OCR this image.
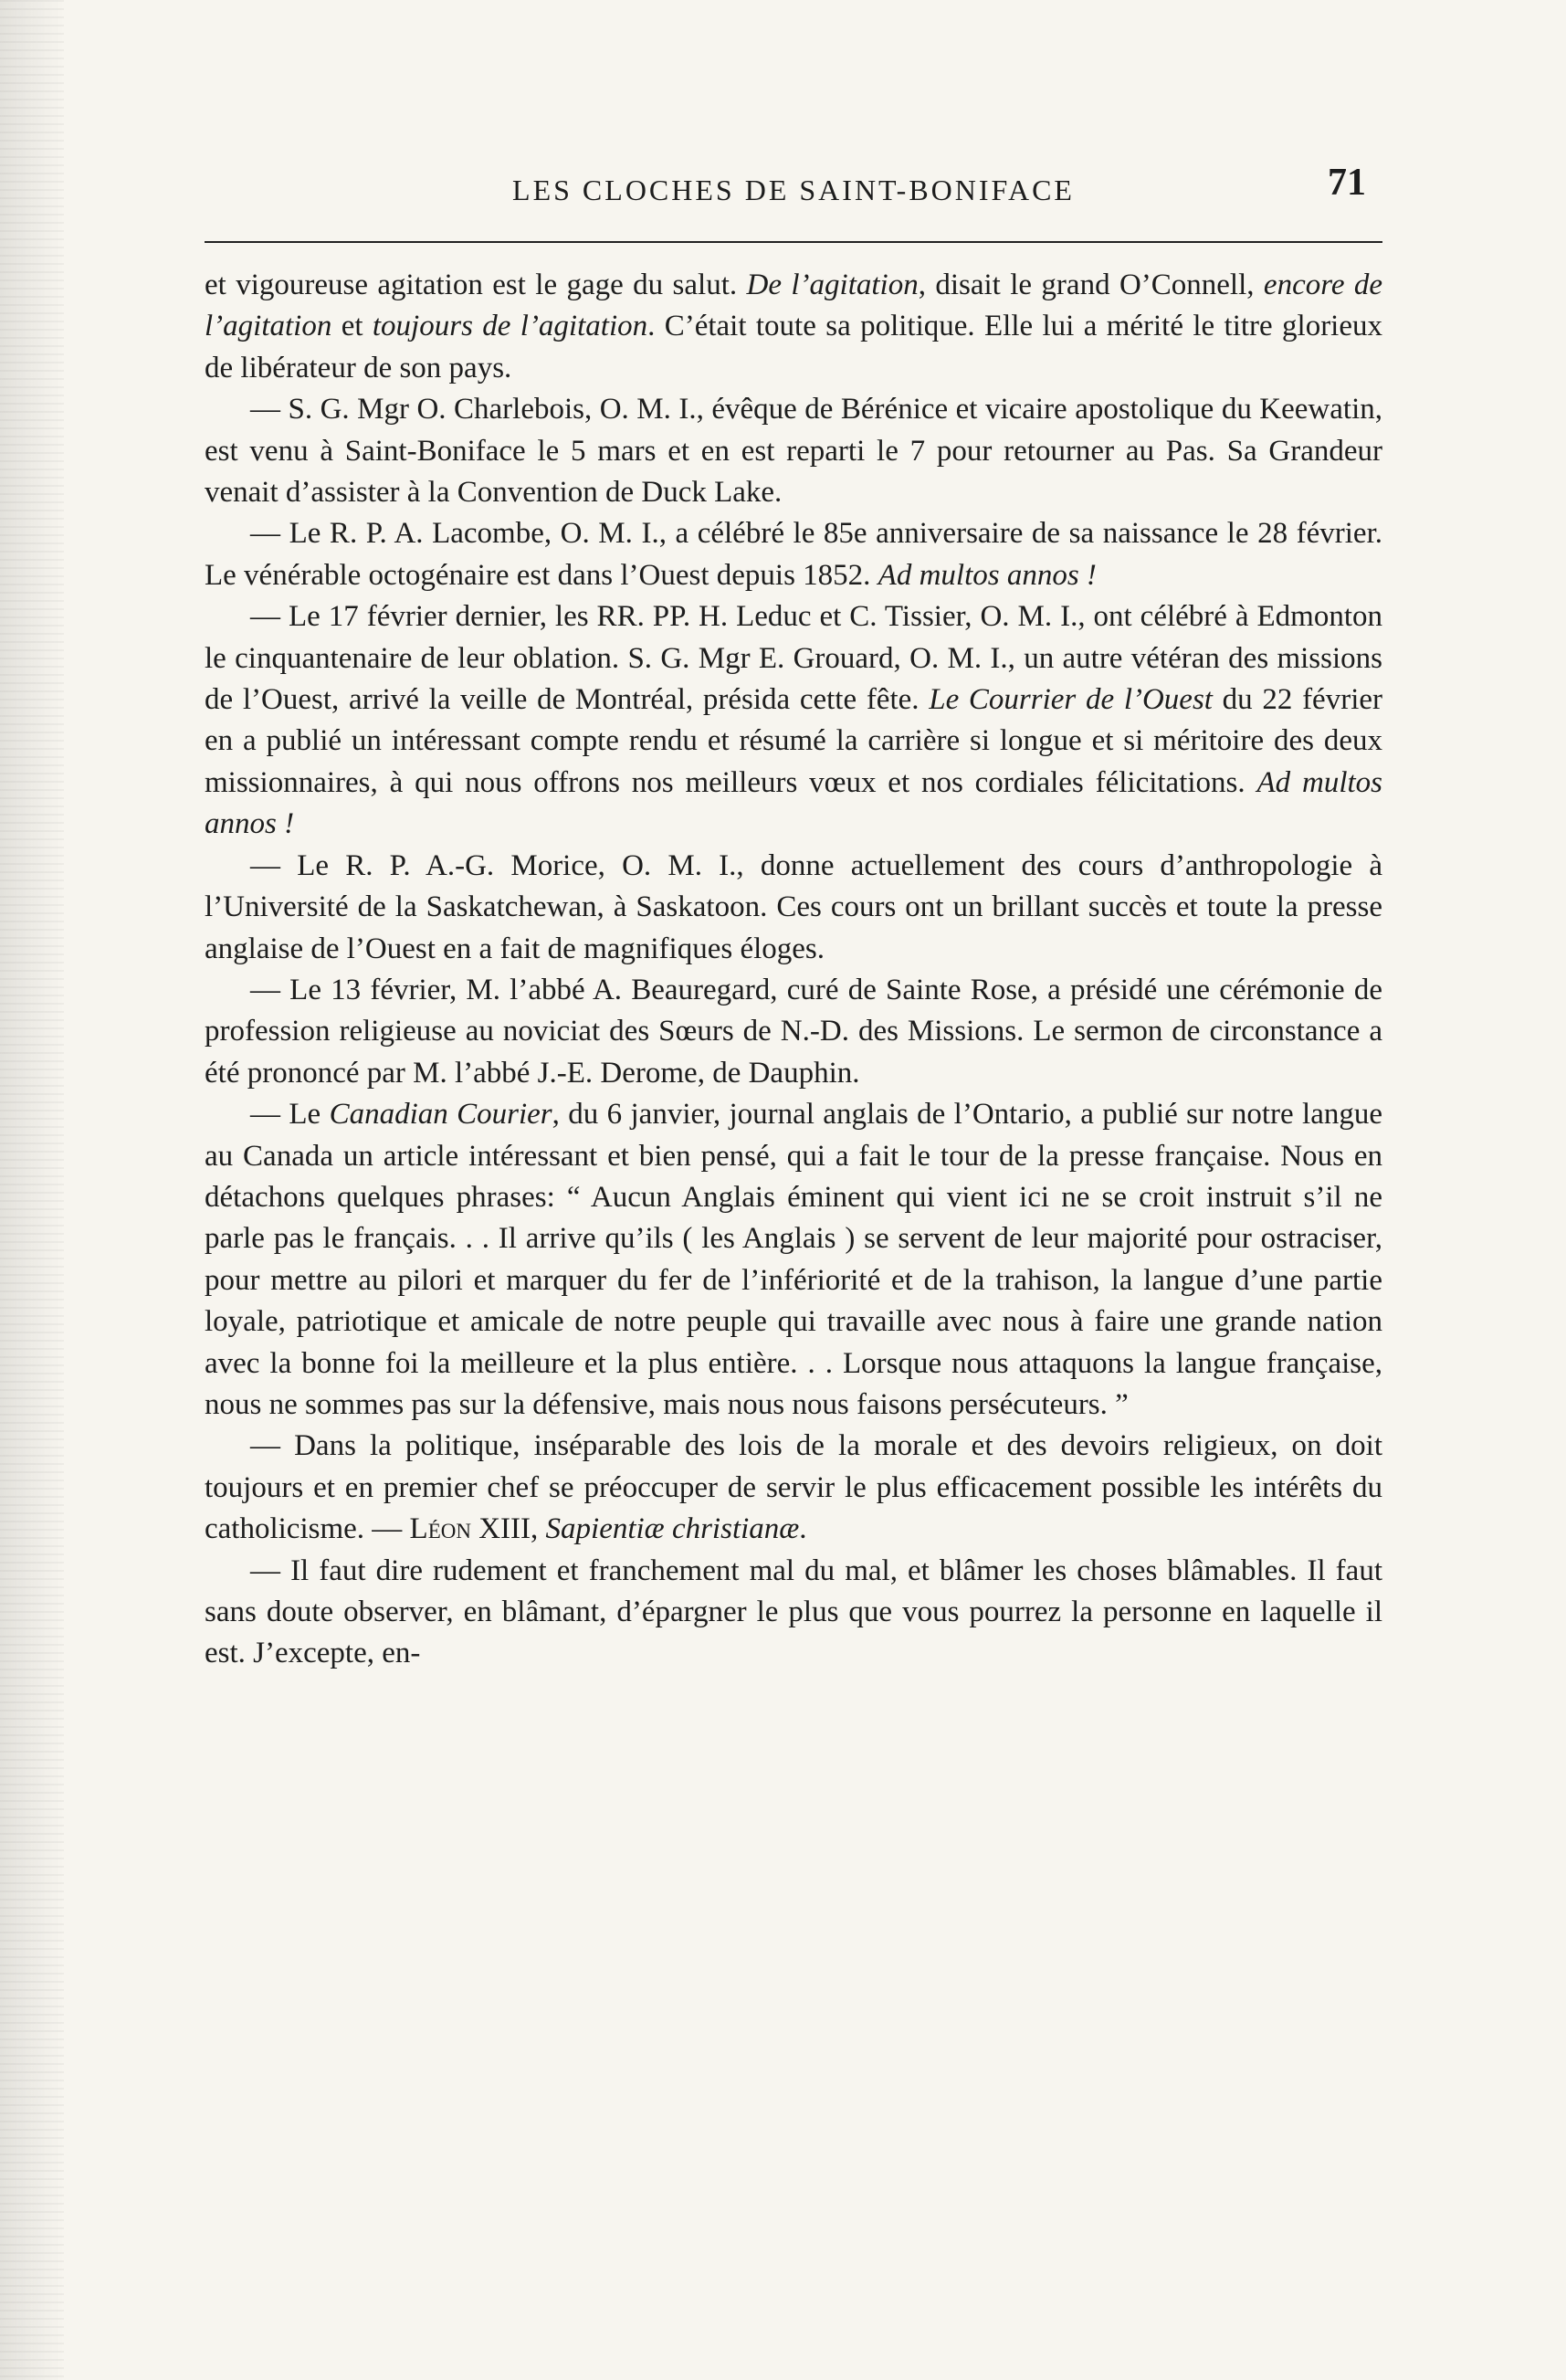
LES CLOCHES DE SAINT-BONIFACE	71

et vigoureuse agitation est le gage du salut. De l’agitation, disait le grand O’Connell, encore de l’agitation et toujours de l’agitation. C’était toute sa politique. Elle lui a mérité le titre glorieux de libérateur de son pays.

— S. G. Mgr O. Charlebois, O. M. I., évêque de Bérénice et vicaire apostolique du Keewatin, est venu à Saint-Boniface le 5 mars et en est reparti le 7 pour retourner au Pas. Sa Grandeur venait d’assister à la Convention de Duck Lake.

— Le R. P. A. Lacombe, O. M. I., a célébré le 85e anniversaire de sa naissance le 28 février. Le vénérable octogénaire est dans l’Ouest depuis 1852. Ad multos annos !

— Le 17 février dernier, les RR. PP. H. Leduc et C. Tissier, O. M. I., ont célébré à Edmonton le cinquantenaire de leur oblation. S. G. Mgr E. Grouard, O. M. I., un autre vétéran des missions de l’Ouest, arrivé la veille de Montréal, présida cette fête. Le Courrier de l’Ouest du 22 février en a publié un intéressant compte rendu et résumé la carrière si longue et si méritoire des deux missionnaires, à qui nous offrons nos meilleurs vœux et nos cordiales félicitations. Ad multos annos !

— Le R. P. A.-G. Morice, O. M. I., donne actuellement des cours d’anthropologie à l’Université de la Saskatchewan, à Saskatoon. Ces cours ont un brillant succès et toute la presse anglaise de l’Ouest en a fait de magnifiques éloges.

— Le 13 février, M. l’abbé A. Beauregard, curé de Sainte Rose, a présidé une cérémonie de profession religieuse au noviciat des Sœurs de N.-D. des Missions. Le sermon de circonstance a été prononcé par M. l’abbé J.-E. Derome, de Dauphin.

— Le Canadian Courier, du 6 janvier, journal anglais de l’Ontario, a publié sur notre langue au Canada un article intéressant et bien pensé, qui a fait le tour de la presse française. Nous en détachons quelques phrases: “ Aucun Anglais éminent qui vient ici ne se croit instruit s’il ne parle pas le français. . . Il arrive qu’ils ( les Anglais ) se servent de leur majorité pour ostraciser, pour mettre au pilori et marquer du fer de l’infériorité et de la trahison, la langue d’une partie loyale, patriotique et amicale de notre peuple qui travaille avec nous à faire une grande nation avec la bonne foi la meilleure et la plus entière. . . Lorsque nous attaquons la langue française, nous ne sommes pas sur la défensive, mais nous nous faisons persécuteurs. ”

— Dans la politique, inséparable des lois de la morale et des devoirs religieux, on doit toujours et en premier chef se préoccuper de servir le plus efficacement possible les intérêts du catholicisme. — Léon XIII, Sapientiæ christianæ.

— Il faut dire rudement et franchement mal du mal, et blâmer les choses blâmables. Il faut sans doute observer, en blâmant, d’épargner le plus que vous pourrez la personne en laquelle il est. J’excepte, en-
